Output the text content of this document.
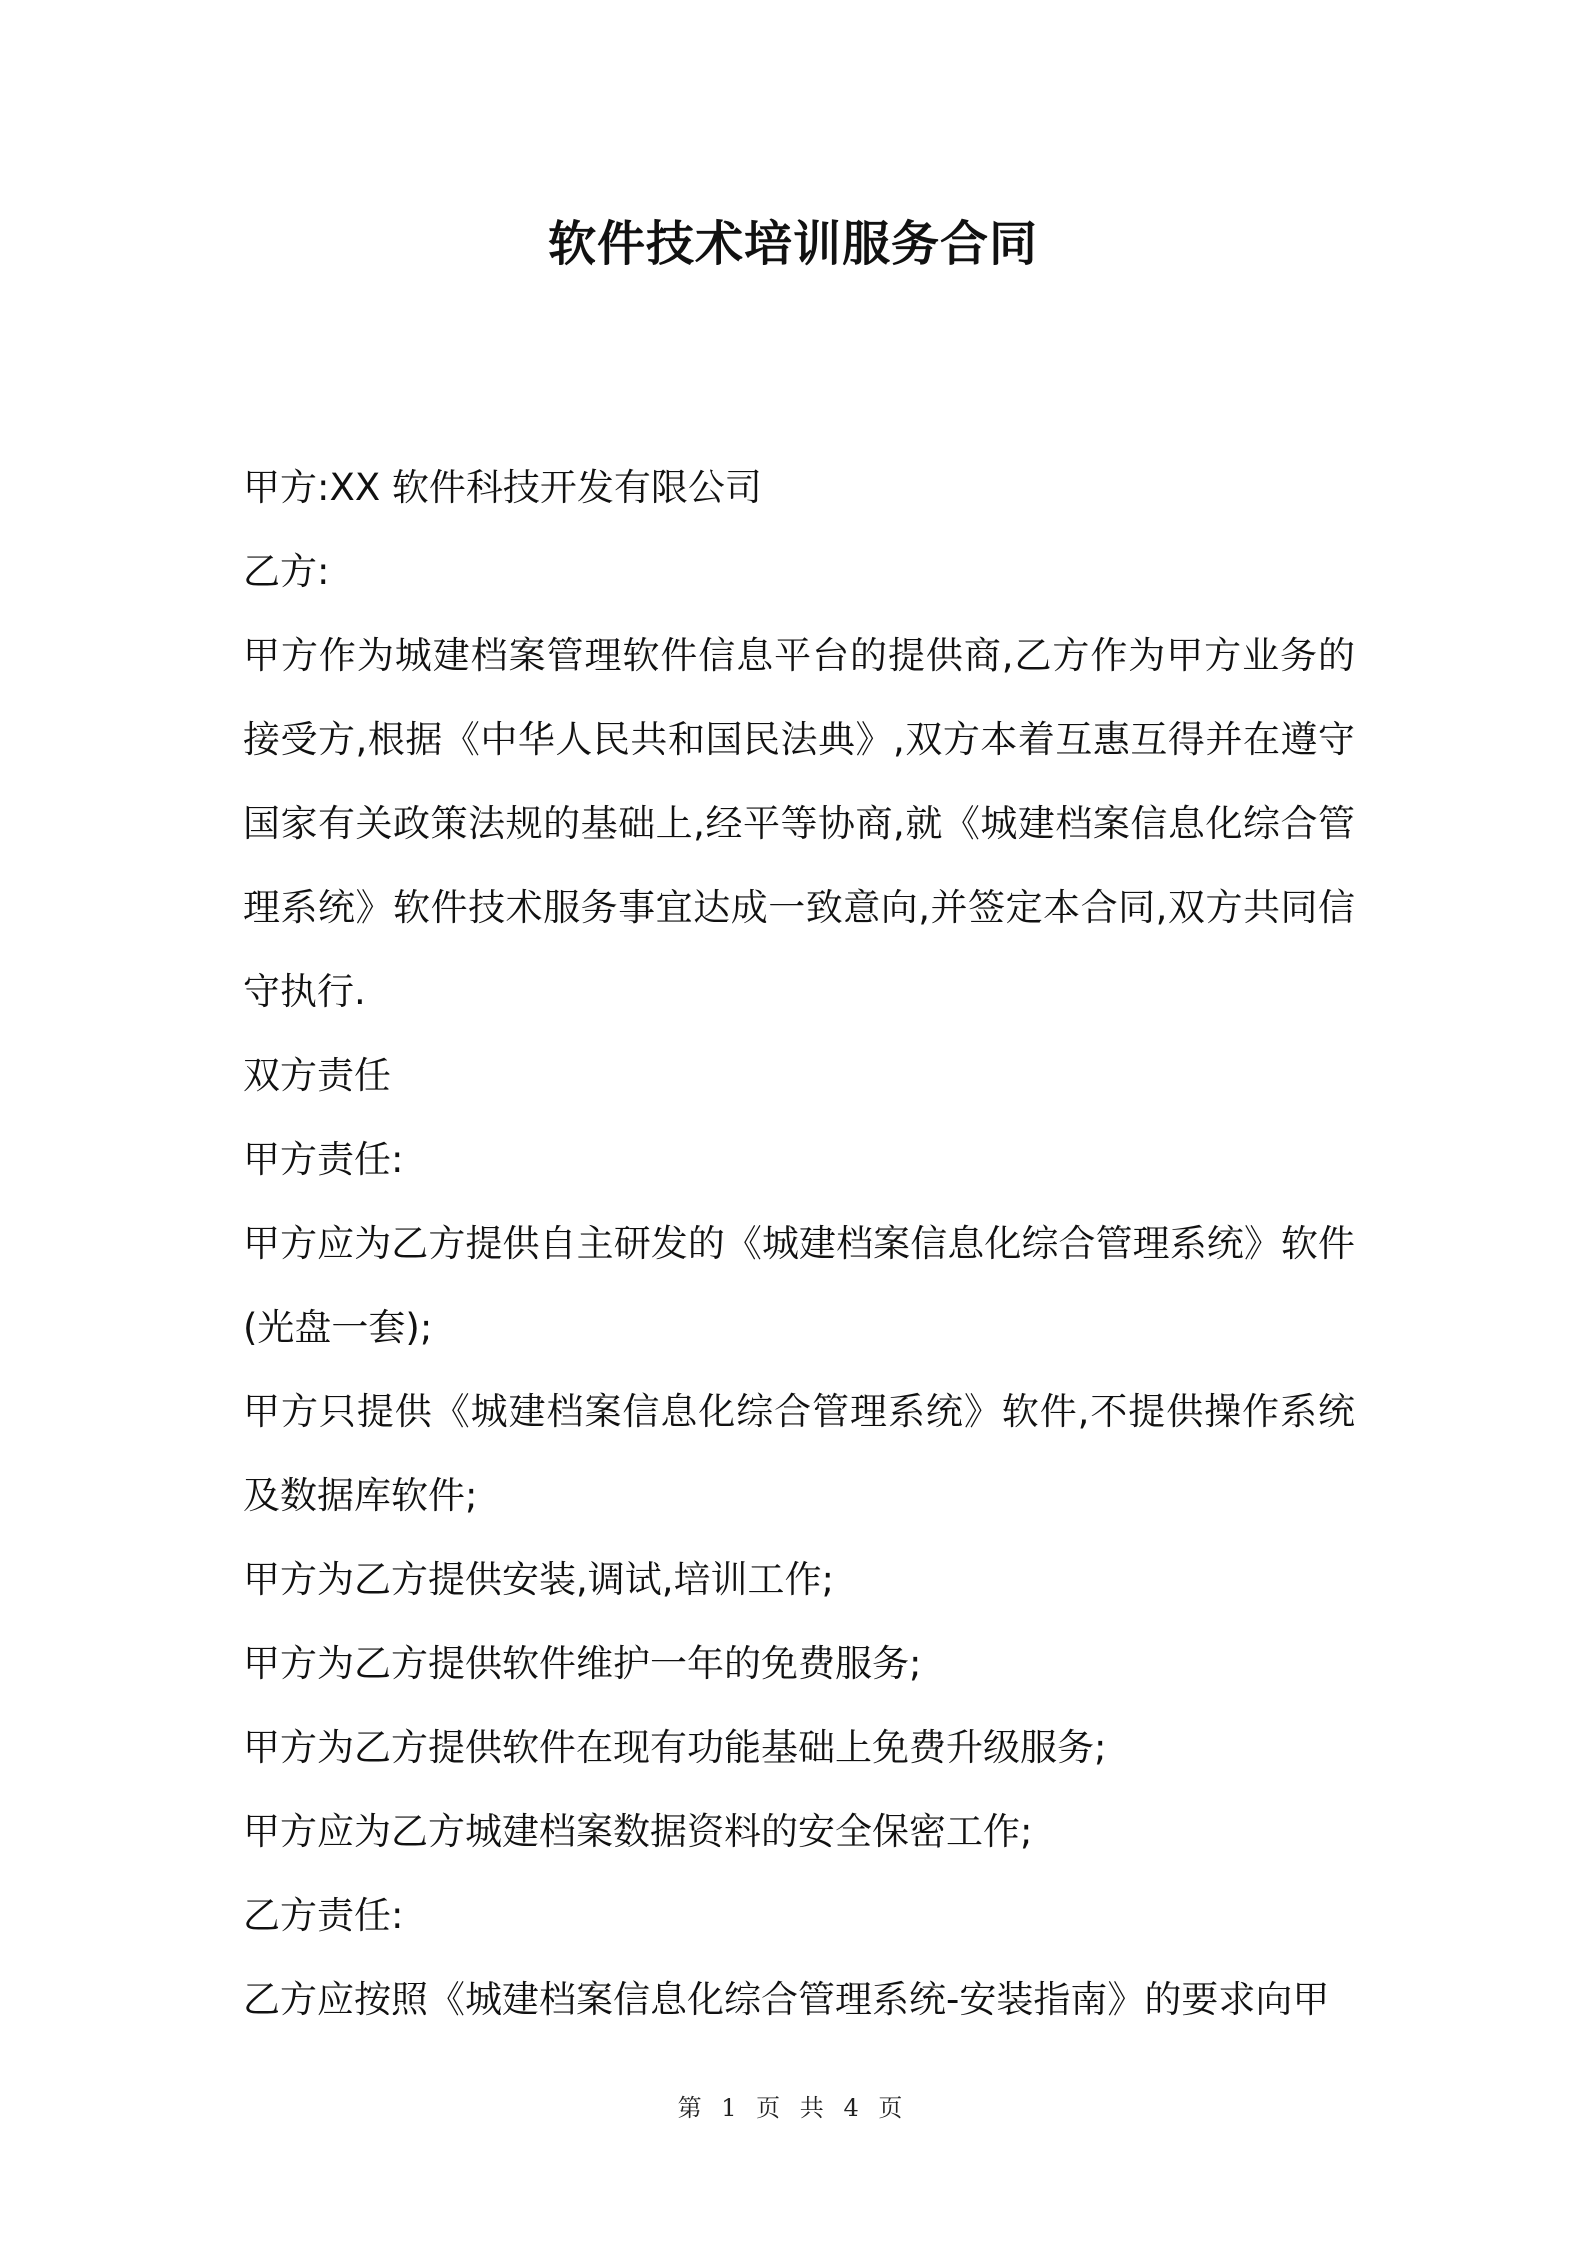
软件技术培训服务合同

甲方:XX 软件科技开发有限公司

乙方:

甲方作为城建档案管理软件信息平台的提供商,乙方作为甲方业务的接受方,根据《中华人民共和国民法典》,双方本着互惠互得并在遵守国家有关政策法规的基础上,经平等协商,就《城建档案信息化综合管理系统》软件技术服务事宜达成一致意向,并签定本合同,双方共同信守执行.

双方责任

甲方责任:

甲方应为乙方提供自主研发的《城建档案信息化综合管理系统》软件(光盘一套);

甲方只提供《城建档案信息化综合管理系统》软件,不提供操作系统及数据库软件;

甲方为乙方提供安装,调试,培训工作;

甲方为乙方提供软件维护一年的免费服务;

甲方为乙方提供软件在现有功能基础上免费升级服务;

甲方应为乙方城建档案数据资料的安全保密工作;

乙方责任:

乙方应按照《城建档案信息化综合管理系统-安装指南》的要求向甲

第 1 页 共 4 页
